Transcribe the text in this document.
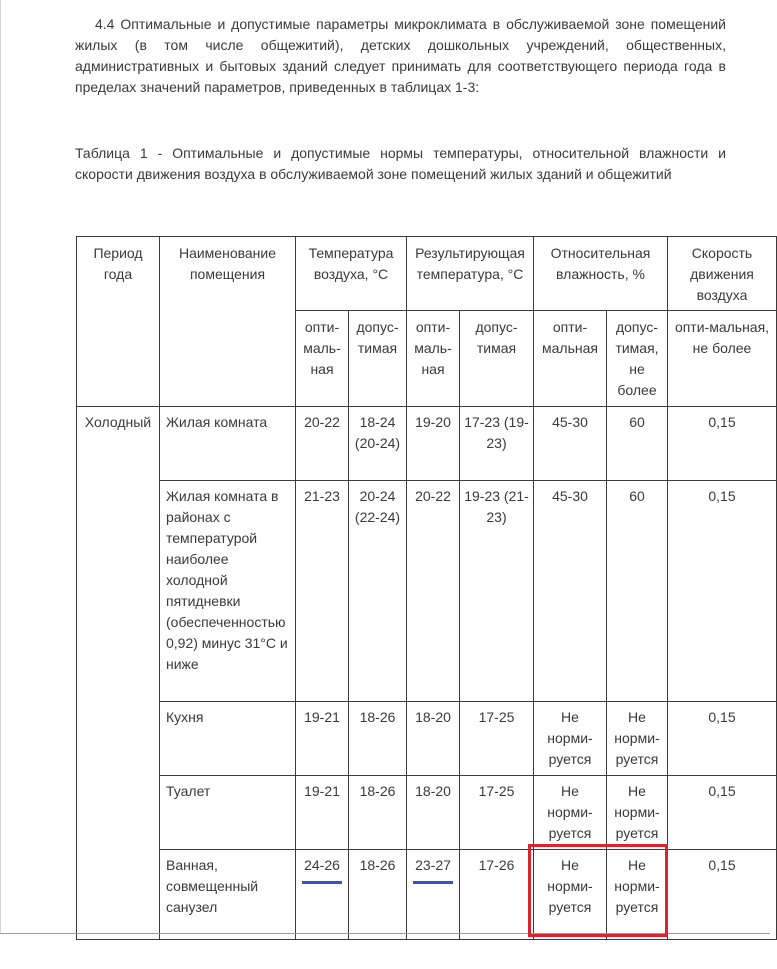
4.4 Оптимальные и допустимые параметры микроклимата в обслуживаемой зоне помещений жилых (в том числе общежитий), детских дошкольных учреждений, общественных, административных и бытовых зданий следует принимать для соответствующего периода года в пределах значений параметров, приведенных в таблицах 1-3:

Таблица 1 - Оптимальные и допустимые нормы температуры, относительной влажности и скорости движения воздуха в обслуживаемой зоне помещений жилых зданий и общежитий

Период года	Наименование помещения	Температура воздуха, °С		Результирующая температура, °С		Относительная влажность, %		Скорость движения воздуха
		опти-маль-ная	допус-тимая	опти-маль-ная	допус-тимая	опти-мальная	допус-тимая, не более	опти-мальная, не более
Холодный	Жилая комната	20-22	18-24 (20-24)	19-20	17-23 (19-23)	45-30	60	0,15
	Жилая комната в районах с температурой наиболее холодной пятидневки (обеспеченностью 0,92) минус 31°С и ниже	21-23	20-24 (22-24)	20-22	19-23 (21-23)	45-30	60	0,15
	Кухня	19-21	18-26	18-20	17-25	Не норми-руется	Не норми-руется	0,15
	Туалет	19-21	18-26	18-20	17-25	Не норми-руется	Не норми-руется	0,15
	Ванная, совмещенный санузел	24-26	18-26	23-27	17-26	Не норми-руется	Не норми-руется	0,15
